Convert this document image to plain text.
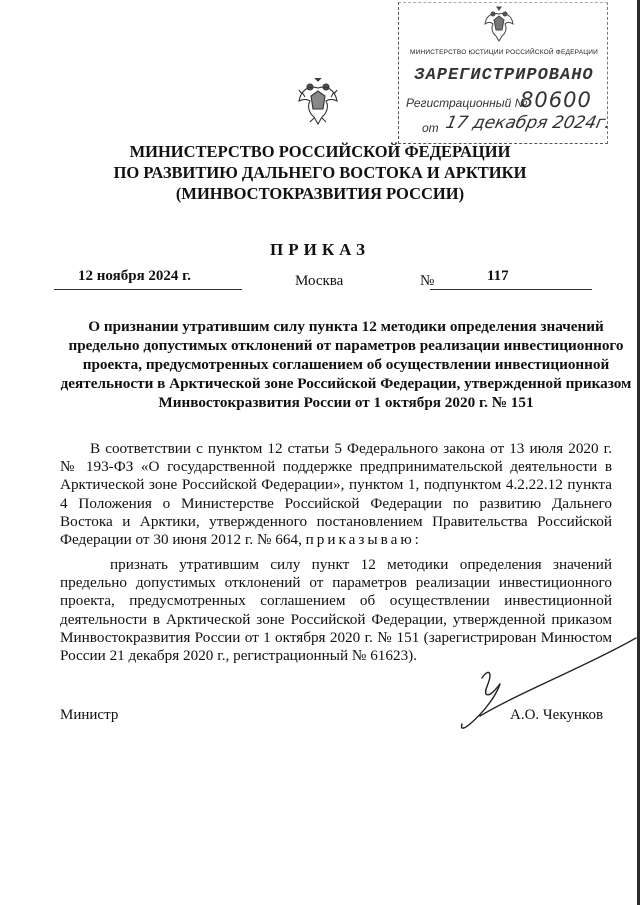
МИНИСТЕРСТВО ЮСТИЦИИ РОССИЙСКОЙ ФЕДЕРАЦИИ
ЗАРЕГИСТРИРОВАНО
Регистрационный №
80600
от 17 декабря 2024г.
МИНИСТЕРСТВО РОССИЙСКОЙ ФЕДЕРАЦИИ
ПО РАЗВИТИЮ ДАЛЬНЕГО ВОСТОКА И АРКТИКИ
(МИНВОСТОКРАЗВИТИЯ РОССИИ)
ПРИКАЗ
12 ноября 2024 г.	Москва	№	117
О признании утратившим силу пункта 12 методики определения значений предельно допустимых отклонений от параметров реализации инвестиционного проекта, предусмотренных соглашением об осуществлении инвестиционной деятельности в Арктической зоне Российской Федерации, утвержденной приказом Минвостокразвития России от 1 октября 2020 г. № 151
В соответствии с пунктом 12 статьи 5 Федерального закона от 13 июля 2020 г. № 193-ФЗ «О государственной поддержке предпринимательской деятельности в Арктической зоне Российской Федерации», пунктом 1, подпунктом 4.2.22.12 пункта 4 Положения о Министерстве Российской Федерации по развитию Дальнего Востока и Арктики, утвержденного постановлением Правительства Российской Федерации от 30 июня 2012 г. № 664, приказываю:
признать утратившим силу пункт 12 методики определения значений предельно допустимых отклонений от параметров реализации инвестиционного проекта, предусмотренных соглашением об осуществлении инвестиционной деятельности в Арктической зоне Российской Федерации, утвержденной приказом Минвостокразвития России от 1 октября 2020 г. № 151 (зарегистрирован Минюстом России 21 декабря 2020 г., регистрационный № 61623).
Министр	А.О. Чекунков
